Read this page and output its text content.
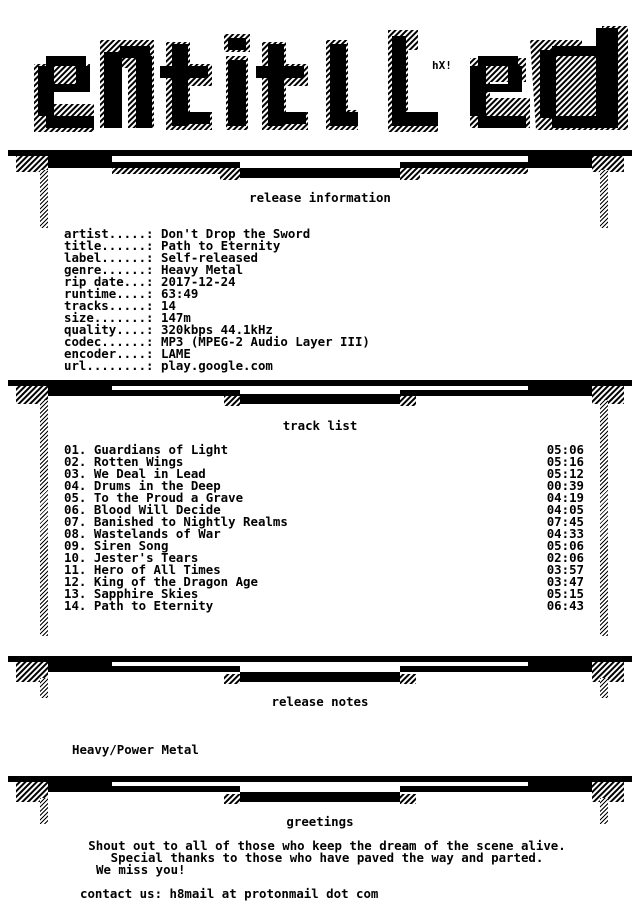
hX!
release information
artist.....: Don't Drop the Sword
title......: Path to Eternity
label......: Self-released
genre......: Heavy Metal
rip date...: 2017-12-24
runtime....: 63:49
tracks.....: 14
size.......: 147m
quality....: 320kbps 44.1kHz
codec......: MP3 (MPEG-2 Audio Layer III)
encoder....: LAME
url........: play.google.com
track list
01. Guardians of Light	05:06
02. Rotten Wings	05:16
03. We Deal in Lead	05:12
04. Drums in the Deep	00:39
05. To the Proud a Grave	04:19
06. Blood Will Decide	04:05
07. Banished to Nightly Realms	07:45
08. Wastelands of War	04:33
09. Siren Song	05:06
10. Jester's Tears	02:06
11. Hero of All Times	03:57
12. King of the Dragon Age	03:47
13. Sapphire Skies	05:15
14. Path to Eternity	06:43
release notes
Heavy/Power Metal
greetings
Shout out to all of those who keep the dream of the scene alive.
Special thanks to those who have paved the way and parted.
We miss you!
contact us: h8mail at protonmail dot com
